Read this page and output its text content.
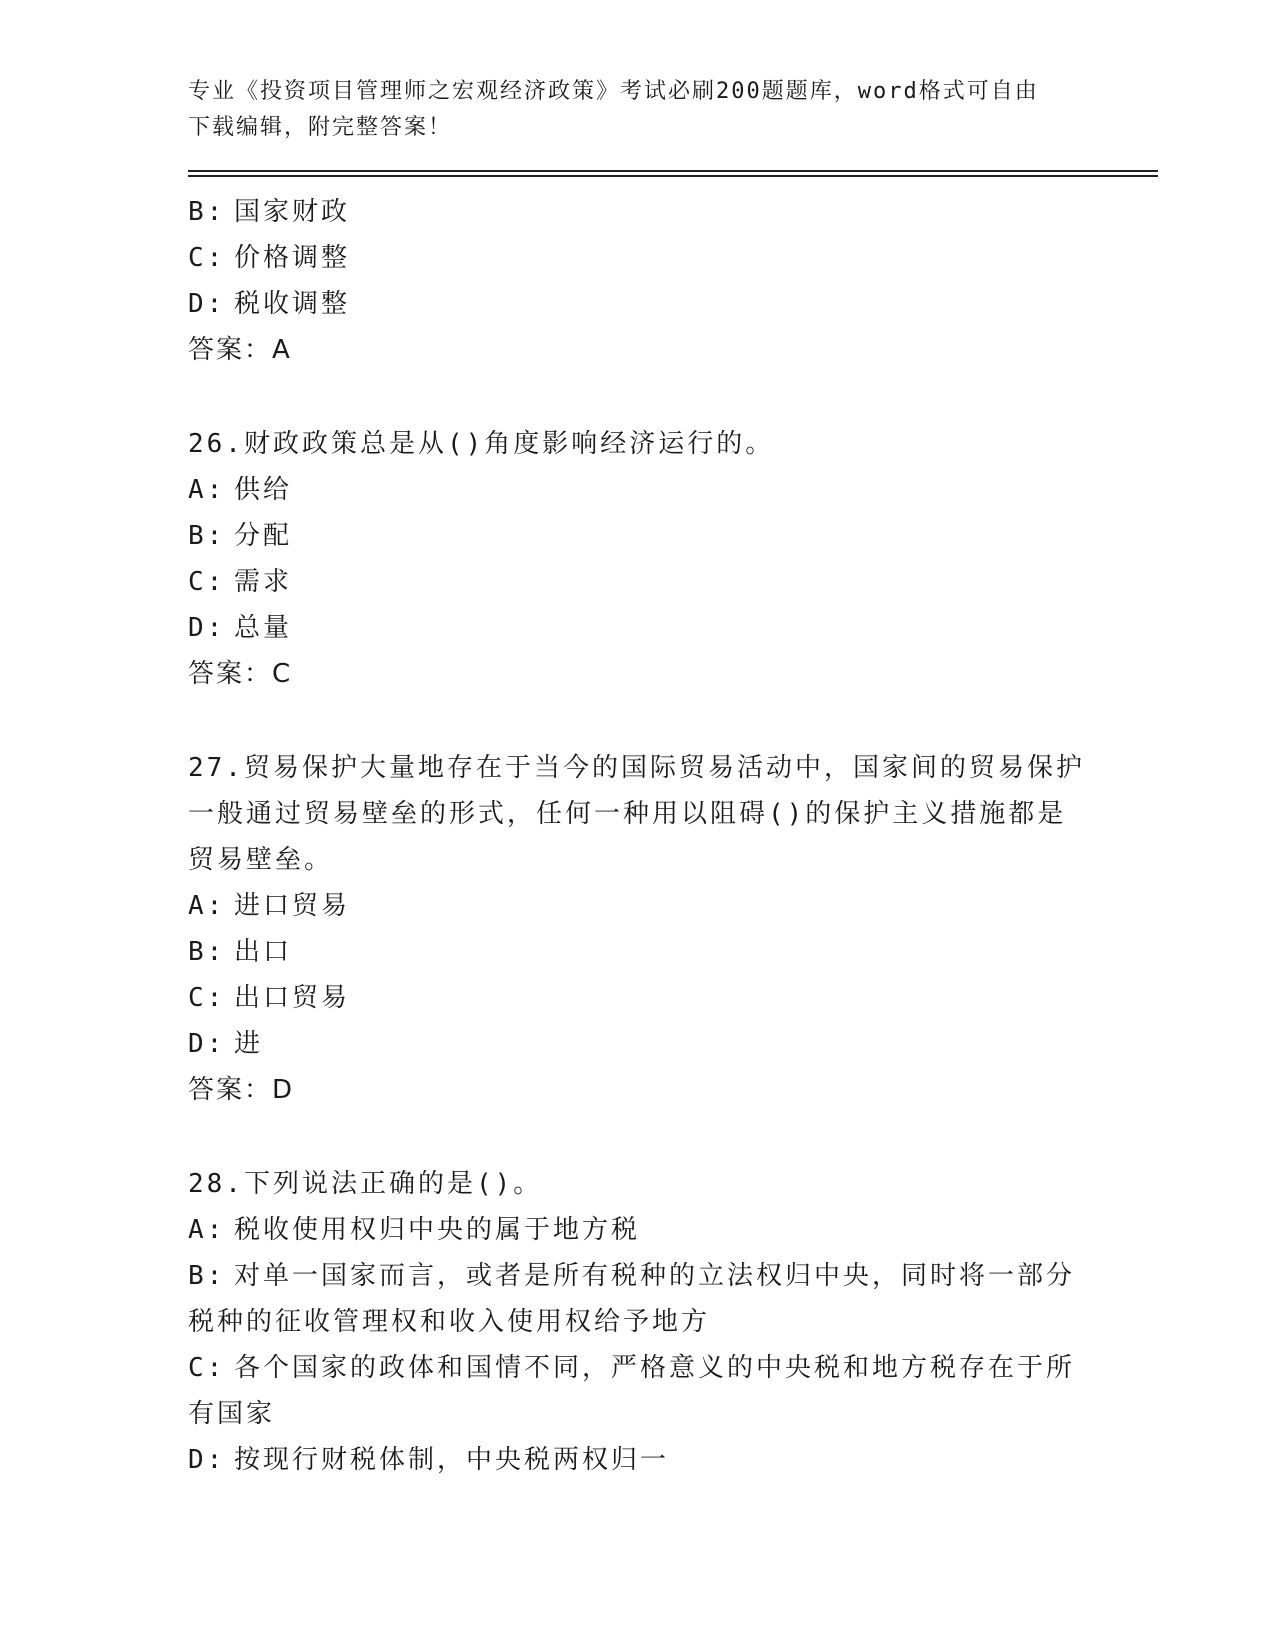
专业《投资项目管理师之宏观经济政策》考试必刷200题题库，word格式可自由
下载编辑，附完整答案！
B: 国家财政
C: 价格调整
D: 税收调整
答案：A
26.财政政策总是从()角度影响经济运行的。
A: 供给
B: 分配
C: 需求
D: 总量
答案：C
27.贸易保护大量地存在于当今的国际贸易活动中，国家间的贸易保护
一般通过贸易壁垒的形式，任何一种用以阻碍()的保护主义措施都是
贸易壁垒。
A: 进口贸易
B: 出口
C: 出口贸易
D: 进
答案：D
28.下列说法正确的是()。
A: 税收使用权归中央的属于地方税
B: 对单一国家而言，或者是所有税种的立法权归中央，同时将一部分
税种的征收管理权和收入使用权给予地方
C: 各个国家的政体和国情不同，严格意义的中央税和地方税存在于所
有国家
D: 按现行财税体制，中央税两权归一
